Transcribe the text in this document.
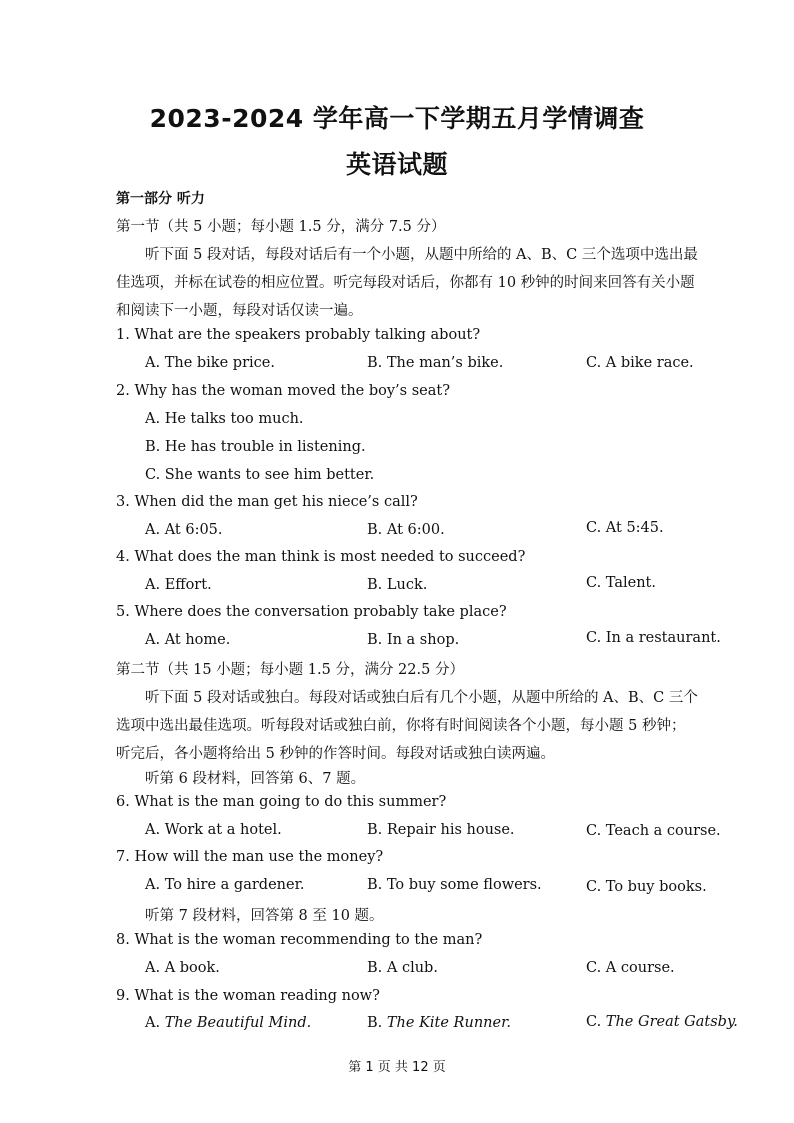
2023-2024 学年高一下学期五月学情调查
英语试题
第一部分 听力
第一节（共 5 小题；每小题 1.5 分，满分 7.5 分）
听下面 5 段对话，每段对话后有一个小题，从题中所给的 A、B、C 三个选项中选出最
佳选项，并标在试卷的相应位置。听完每段对话后，你都有 10 秒钟的时间来回答有关小题
和阅读下一小题，每段对话仅读一遍。
1. What are the speakers probably talking about?
A. The bike price.	B. The man’s bike.	C. A bike race.
2. Why has the woman moved the boy’s seat?
A. He talks too much.
B. He has trouble in listening.
C. She wants to see him better.
3. When did the man get his niece’s call?
A. At 6:05.	B. At 6:00.	C. At 5:45.
4. What does the man think is most needed to succeed?
A. Effort.	B. Luck.	C. Talent.
5. Where does the conversation probably take place?
A. At home.	B. In a shop.	C. In a restaurant.
第二节（共 15 小题；每小题 1.5 分，满分 22.5 分）
听下面 5 段对话或独白。每段对话或独白后有几个小题，从题中所给的 A、B、C 三个
选项中选出最佳选项。听每段对话或独白前，你将有时间阅读各个小题，每小题 5 秒钟；
听完后，各小题将给出 5 秒钟的作答时间。每段对话或独白读两遍。
听第 6 段材料，回答第 6、7 题。
6. What is the man going to do this summer?
A. Work at a hotel.	B. Repair his house.	C. Teach a course.
7. How will the man use the money?
A. To hire a gardener.	B. To buy some flowers.	C. To buy books.
听第 7 段材料，回答第 8 至 10 题。
8. What is the woman recommending to the man?
A. A book.	B. A club.	C. A course.
9. What is the woman reading now?
A. The Beautiful Mind.	B. The Kite Runner.	C. The Great Gatsby.
第 1 页 共 12 页
